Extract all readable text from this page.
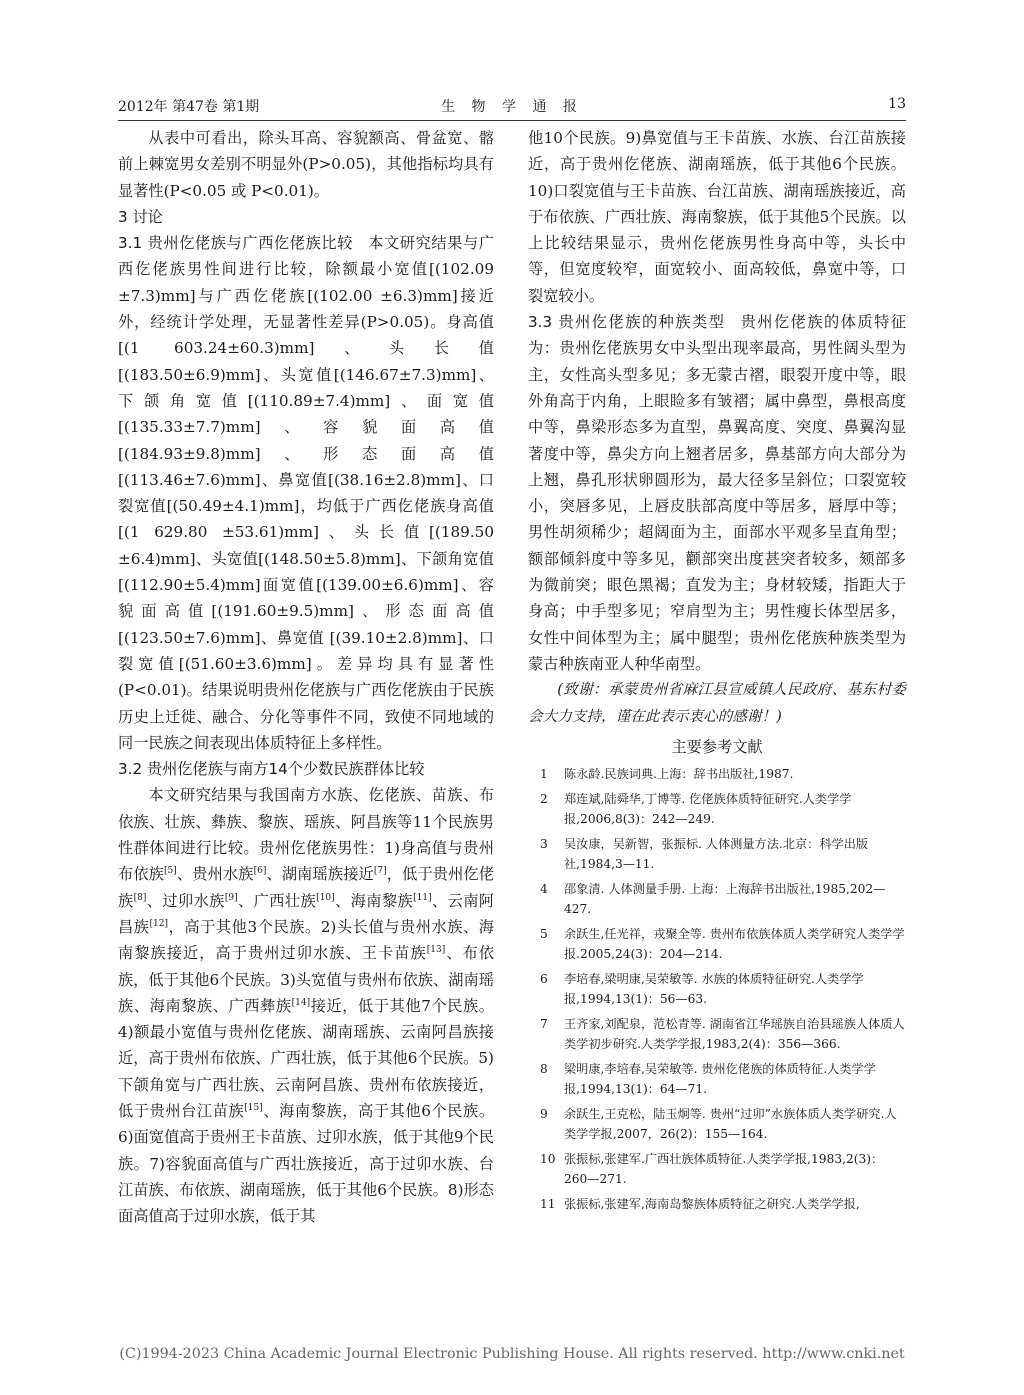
2012年 第47卷 第1期	生 物 学 通 报	13

从表中可看出，除头耳高、容貌额高、骨盆宽、髂前上棘宽男女差别不明显外(P>0.05)，其他指标均具有显著性(P<0.05 或 P<0.01)。

3 讨论

3.1 贵州仡佬族与广西仡佬族比较 本文研究结果与广西仡佬族男性间进行比较，除额最小宽值[(102.09 ±7.3)mm]与广西仡佬族[(102.00 ±6.3)mm]接近外，经统计学处理，无显著性差异(P>0.05)。身高值 [(1 603.24±60.3)mm]、头长值[(183.50±6.9)mm]、头宽值[(146.67±7.3)mm]、下颌角宽值[(110.89±7.4)mm]、面宽值[(135.33±7.7)mm]、容貌面高值[(184.93±9.8)mm]、形态面高值[(113.46±7.6)mm]、鼻宽值[(38.16±2.8)mm]、口裂宽值[(50.49±4.1)mm]，均低于广西仡佬族身高值[(1 629.80 ±53.61)mm]、头长值[(189.50 ±6.4)mm]、头宽值[(148.50±5.8)mm]、下颌角宽值[(112.90±5.4)mm]面宽值[(139.00±6.6)mm]、容貌面高值[(191.60±9.5)mm]、形态面高值[(123.50±7.6)mm]、鼻宽值 [(39.10±2.8)mm]、口裂宽值[(51.60±3.6)mm]。差异均具有显著性(P<0.01)。结果说明贵州仡佬族与广西仡佬族由于民族历史上迁徙、融合、分化等事件不同，致使不同地域的同一民族之间表现出体质特征上多样性。

3.2 贵州仡佬族与南方14个少数民族群体比较

本文研究结果与我国南方水族、仡佬族、苗族、布依族、壮族、彝族、黎族、瑶族、阿昌族等11个民族男性群体间进行比较。贵州仡佬族男性：1)身高值与贵州布依族[5]、贵州水族[6]、湖南瑶族接近[7]，低于贵州仡佬族[8]、过卯水族[9]、广西壮族[10]、海南黎族[11]、云南阿昌族[12]，高于其他3个民族。2)头长值与贵州水族、海南黎族接近，高于贵州过卯水族、王卡苗族[13]、布依族，低于其他6个民族。3)头宽值与贵州布依族、湖南瑶族、海南黎族、广西彝族[14]接近，低于其他7个民族。4)额最小宽值与贵州仡佬族、湖南瑶族、云南阿昌族接近，高于贵州布依族、广西壮族，低于其他6个民族。5)下颌角宽与广西壮族、云南阿昌族、贵州布依族接近，低于贵州台江苗族[15]、海南黎族，高于其他6个民族。6)面宽值高于贵州王卡苗族、过卯水族，低于其他9个民族。7)容貌面高值与广西壮族接近，高于过卯水族、台江苗族、布依族、湖南瑶族，低于其他6个民族。8)形态面高值高于过卯水族，低于其

他10个民族。9)鼻宽值与王卡苗族、水族、台江苗族接近，高于贵州仡佬族、湖南瑶族，低于其他6个民族。10)口裂宽值与王卡苗族、台江苗族、湖南瑶族接近，高于布依族、广西壮族、海南黎族，低于其他5个民族。以上比较结果显示，贵州仡佬族男性身高中等，头长中等，但宽度较窄，面宽较小、面高较低，鼻宽中等，口裂宽较小。

3.3 贵州仡佬族的种族类型 贵州仡佬族的体质特征为：贵州仡佬族男女中头型出现率最高，男性阔头型为主，女性高头型多见；多无蒙古褶，眼裂开度中等，眼外角高于内角，上眼睑多有皱褶；属中鼻型，鼻根高度中等，鼻梁形态多为直型，鼻翼高度、突度、鼻翼沟显著度中等，鼻尖方向上翘者居多，鼻基部方向大部分为上翘，鼻孔形状卵圆形为，最大径多呈斜位；口裂宽较小，突唇多见，上唇皮肤部高度中等居多，唇厚中等；男性胡须稀少；超阔面为主，面部水平观多呈直角型；额部倾斜度中等多见，颧部突出度甚突者较多，颏部多为微前突；眼色黑褐；直发为主；身材较矮，指距大于身高；中手型多见；窄肩型为主；男性瘦长体型居多，女性中间体型为主；属中腿型；贵州仡佬族种族类型为蒙古种族南亚人种华南型。

(致谢：承蒙贵州省麻江县宣威镇人民政府、基东村委会大力支持，谨在此表示衷心的感谢！)

主要参考文献

1 陈永龄.民族词典.上海：辞书出版社,1987.
2 郑连斌,陆舜华,丁博等. 仡佬族体质特征研究.人类学学报,2006,8(3)：242—249.
3 吴汝康，吴新智，张振标. 人体测量方法.北京：科学出版社,1984,3—11.
4 邵象清. 人体测量手册. 上海：上海辞书出版社,1985,202—427.
5 余跃生,任光祥，戎聚全等. 贵州布依族体质人类学研究人类学学报.2005,24(3)：204—214.
6 李培春,梁明康,吴荣敏等. 水族的体质特征研究.人类学学报,1994,13(1)：56—63.
7 王齐家,刘配泉，范松青等. 湖南省江华瑶族自治县瑶族人体质人类学初步研究.人类学学报,1983,2(4)：356—366.
8 梁明康,李培春,吴荣敏等. 贵州仡佬族的体质特征.人类学学报,1994,13(1)：64—71.
9 余跃生,王克松，陆玉炯等. 贵州“过卯”水族体质人类学研究.人类学学报,2007，26(2)：155—164.
10 张振标,张建军.广西壮族体质特征.人类学学报,1983,2(3)：260—271.
11 张振标,张建军,海南岛黎族体质特征之研究.人类学学报,
(C)1994-2023 China Academic Journal Electronic Publishing House. All rights reserved. http://www.cnki.net
